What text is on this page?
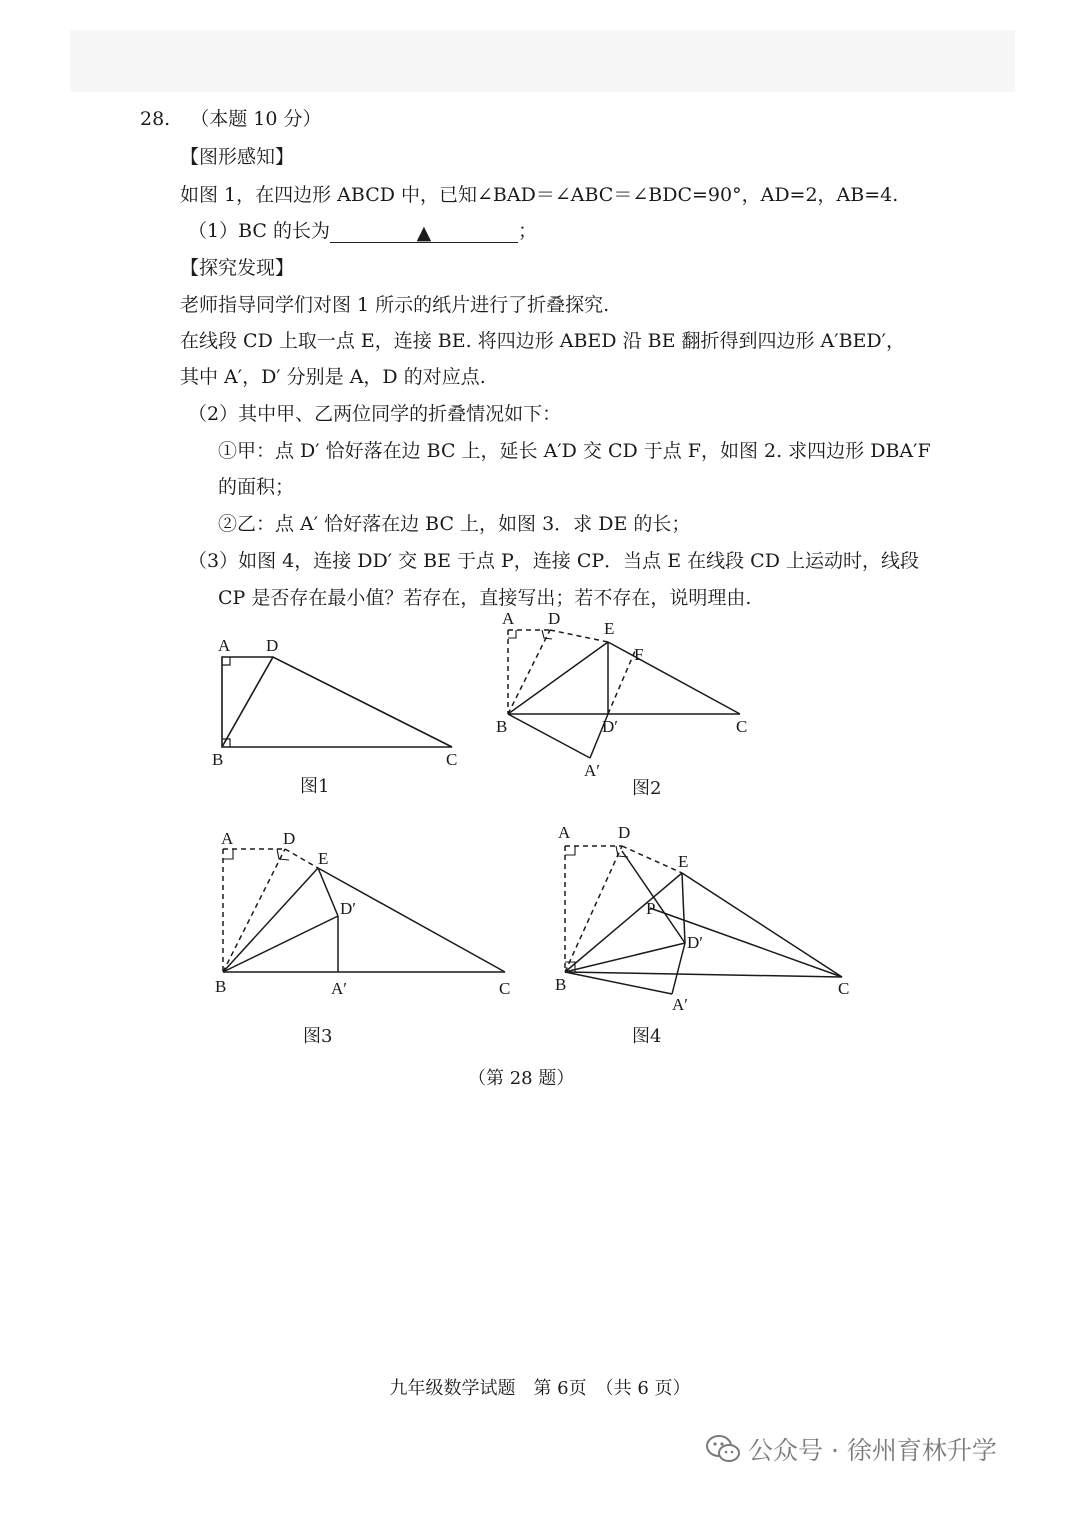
28. （本题 10 分）
【图形感知】
如图 1，在四边形 ABCD 中，已知∠BAD＝∠ABC＝∠BDC=90°，AD=2，AB=4.
（1）BC 的长为	▲	；
【探究发现】
老师指导同学们对图 1 所示的纸片进行了折叠探究.
在线段 CD 上取一点 E，连接 BE. 将四边形 ABED 沿 BE 翻折得到四边形 A′BED′，
其中 A′，D′ 分别是 A，D 的对应点.
（2）其中甲、乙两位同学的折叠情况如下：
①甲：点 D′ 恰好落在边 BC 上，延长 A′D 交 CD 于点 F，如图 2. 求四边形 DBA′F
的面积；
②乙：点 A′ 恰好落在边 BC 上，如图 3．求 DE 的长；
（3）如图 4，连接 DD′ 交 BE 于点 P，连接 CP．当点 E 在线段 CD 上运动时，线段
CP 是否存在最小值？若存在，直接写出；若不存在，说明理由.
A D
B	C
图1
A D
E
F
B	D′	C
A′
图2
A	D
E
D′
B	A′	C
图3
A	D
E
P
D′
B
A′
C
图4
（第 28 题）
九年级数学试题　第 6页　（共 6 页）
公众号 · 徐州育林升学
